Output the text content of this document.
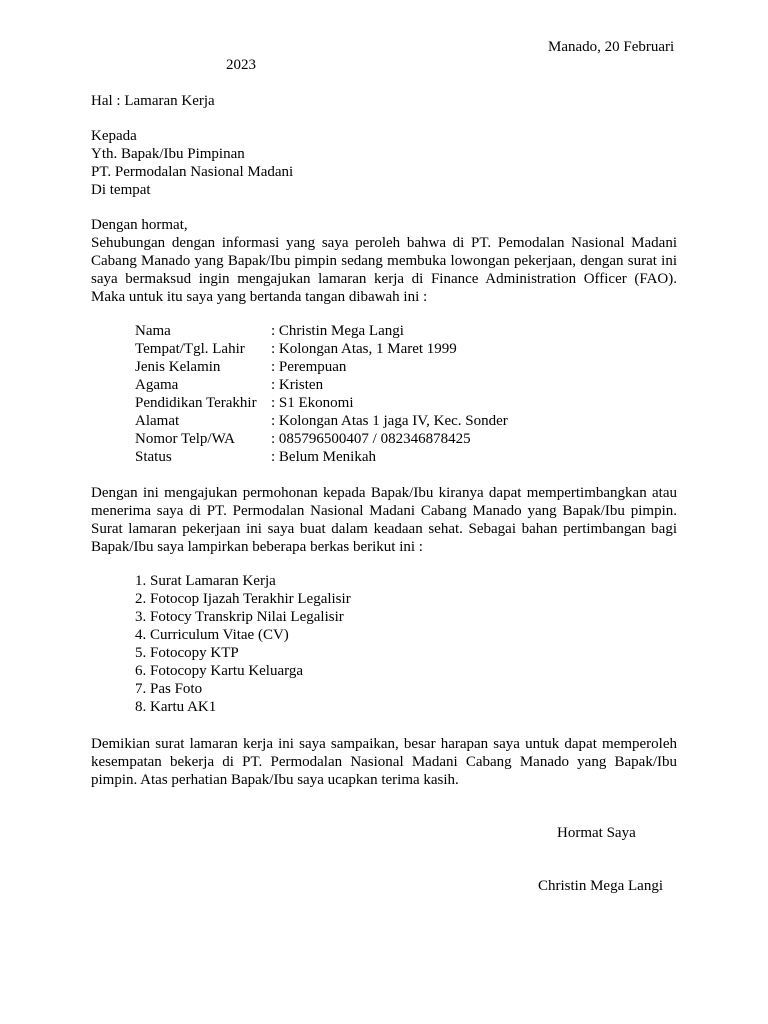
Manado, 20 Februari
2023
Hal : Lamaran Kerja
Kepada
Yth. Bapak/Ibu Pimpinan
PT. Permodalan Nasional Madani
Di tempat
Dengan hormat,
Sehubungan dengan informasi yang saya peroleh bahwa di PT. Pemodalan Nasional Madani
Cabang Manado yang Bapak/Ibu pimpin sedang membuka lowongan pekerjaan, dengan surat ini
saya bermaksud ingin mengajukan lamaran kerja di Finance Administration Officer (FAO).
Maka untuk itu saya yang bertanda tangan dibawah ini :
Nama	: Christin Mega Langi
Tempat/Tgl. Lahir : Kolongan Atas, 1 Maret 1999
Jenis Kelamin	: Perempuan
Agama	: Kristen
Pendidikan Terakhir : S1 Ekonomi
Alamat	: Kolongan Atas 1 jaga IV, Kec. Sonder
Nomor Telp/WA : 085796500407 / 082346878425
Status	: Belum Menikah
Dengan ini mengajukan permohonan kepada Bapak/Ibu kiranya dapat mempertimbangkan atau
menerima saya di PT. Permodalan Nasional Madani Cabang Manado yang Bapak/Ibu pimpin.
Surat lamaran pekerjaan ini saya buat dalam keadaan sehat. Sebagai bahan pertimbangan bagi
Bapak/Ibu saya lampirkan beberapa berkas berikut ini :
1. Surat Lamaran Kerja
2. Fotocop Ijazah Terakhir Legalisir
3. Fotocy Transkrip Nilai Legalisir
4. Curriculum Vitae (CV)
5. Fotocopy KTP
6. Fotocopy Kartu Keluarga
7. Pas Foto
8. Kartu AK1
Demikian surat lamaran kerja ini saya sampaikan, besar harapan saya untuk dapat memperoleh
kesempatan bekerja di PT. Permodalan Nasional Madani Cabang Manado yang Bapak/Ibu
pimpin. Atas perhatian Bapak/Ibu saya ucapkan terima kasih.
Hormat Saya
Christin Mega Langi
